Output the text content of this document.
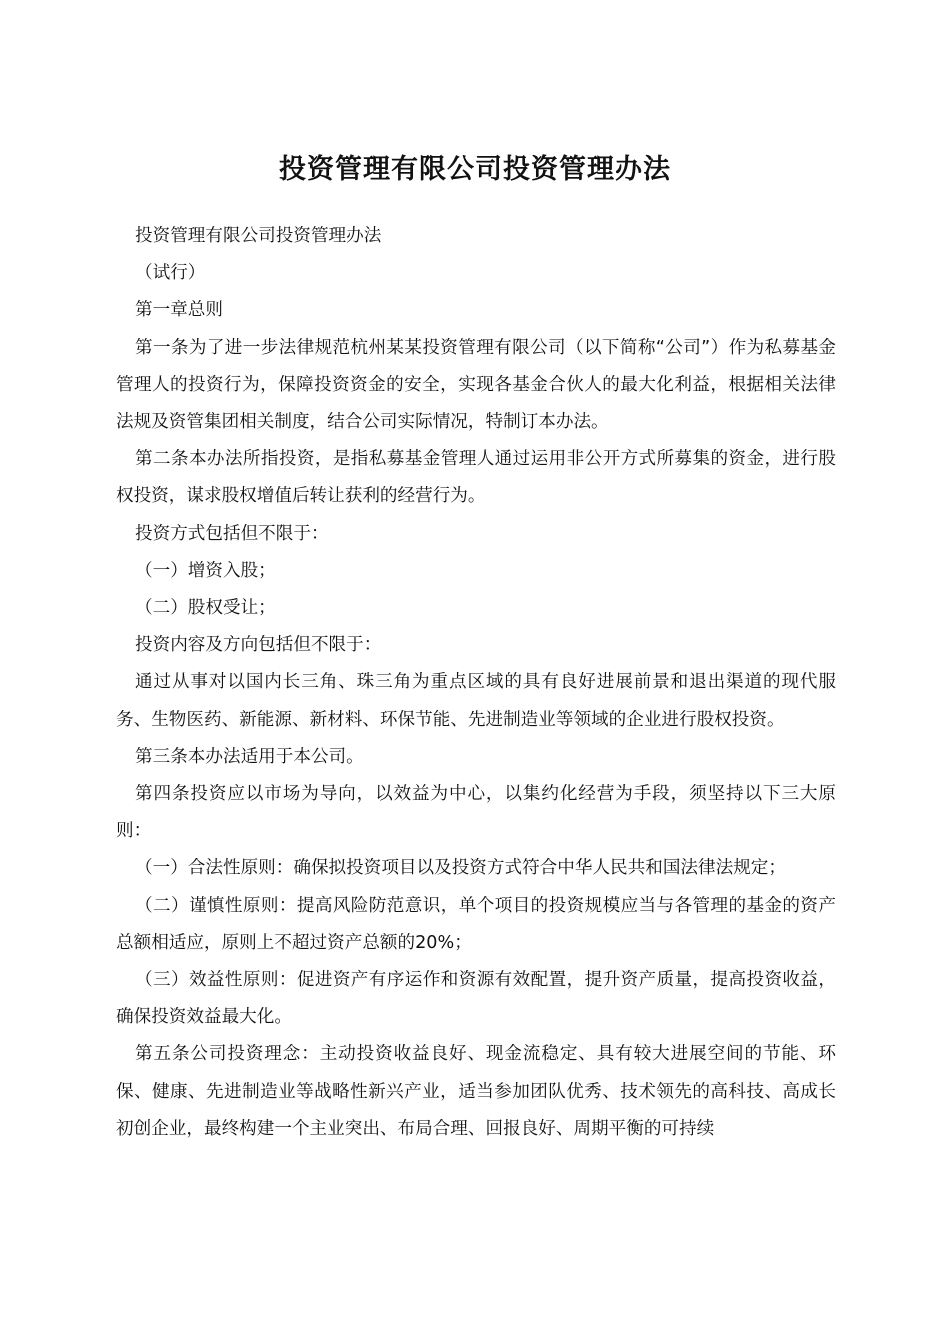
投资管理有限公司投资管理办法

投资管理有限公司投资管理办法

（试行）

第一章总则

第一条为了进一步法律规范杭州某某投资管理有限公司（以下简称“公司”）作为私募基金管理人的投资行为，保障投资资金的安全，实现各基金合伙人的最大化利益，根据相关法律法规及资管集团相关制度，结合公司实际情况，特制订本办法。

第二条本办法所指投资，是指私募基金管理人通过运用非公开方式所募集的资金，进行股权投资，谋求股权增值后转让获利的经营行为。

投资方式包括但不限于：

（一）增资入股；

（二）股权受让；

投资内容及方向包括但不限于：

通过从事对以国内长三角、珠三角为重点区域的具有良好进展前景和退出渠道的现代服务、生物医药、新能源、新材料、环保节能、先进制造业等领域的企业进行股权投资。

第三条本办法适用于本公司。

第四条投资应以市场为导向，以效益为中心，以集约化经营为手段，须坚持以下三大原则：

（一）合法性原则：确保拟投资项目以及投资方式符合中华人民共和国法律法规定；

（二）谨慎性原则：提高风险防范意识，单个项目的投资规模应当与各管理的基金的资产总额相适应，原则上不超过资产总额的20%；

（三）效益性原则：促进资产有序运作和资源有效配置，提升资产质量，提高投资收益，确保投资效益最大化。

第五条公司投资理念：主动投资收益良好、现金流稳定、具有较大进展空间的节能、环保、健康、先进制造业等战略性新兴产业，适当参加团队优秀、技术领先的高科技、高成长初创企业，最终构建一个主业突出、布局合理、回报良好、周期平衡的可持续
